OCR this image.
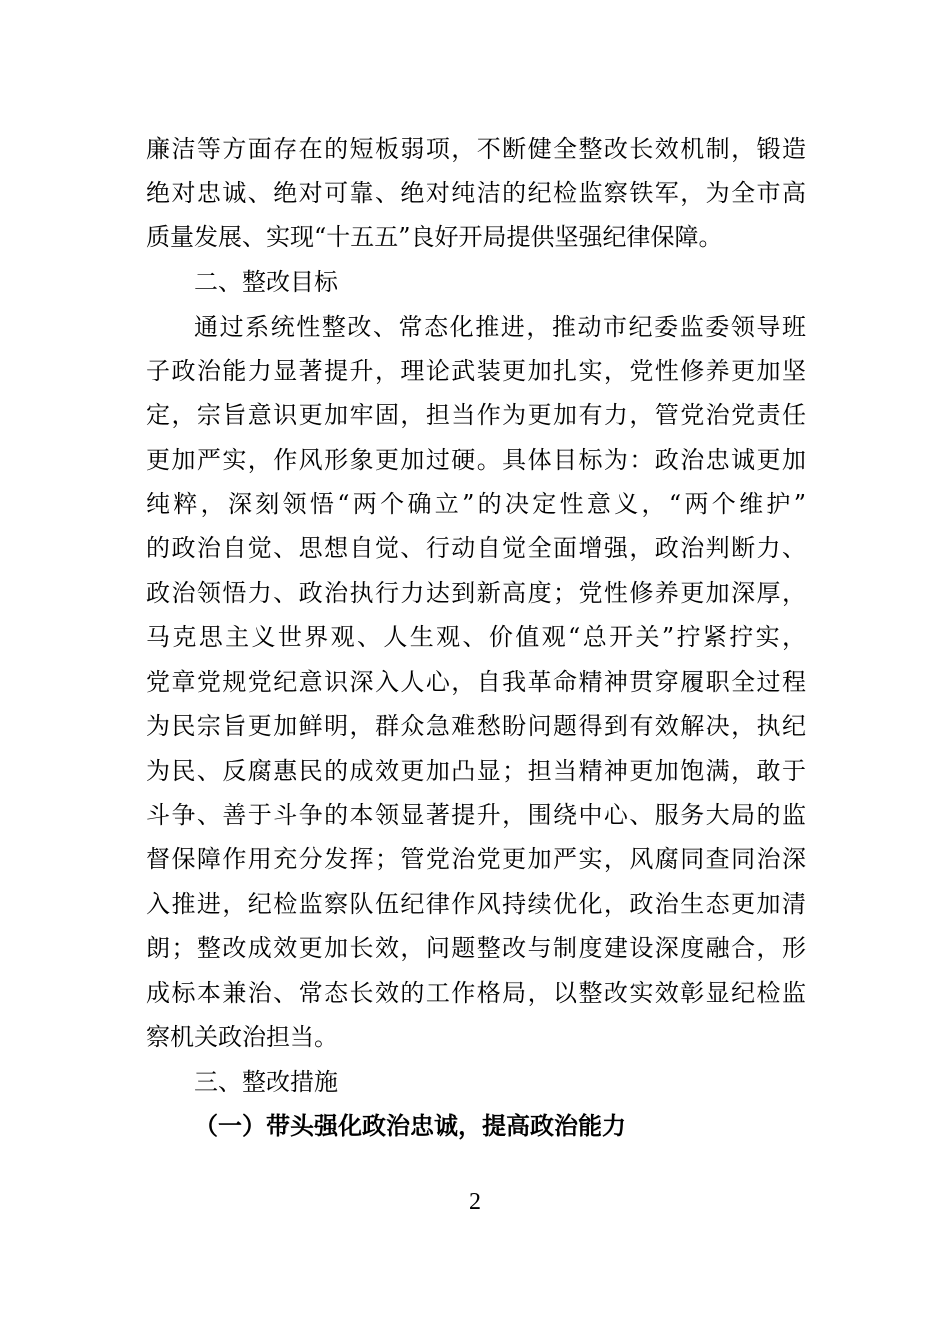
廉洁等方面存在的短板弱项，不断健全整改长效机制，锻造
绝对忠诚、绝对可靠、绝对纯洁的纪检监察铁军，为全市高
质量发展、实现“十五五”良好开局提供坚强纪律保障。
二、整改目标
通过系统性整改、常态化推进，推动市纪委监委领导班
子政治能力显著提升，理论武装更加扎实，党性修养更加坚
定，宗旨意识更加牢固，担当作为更加有力，管党治党责任
更加严实，作风形象更加过硬。具体目标为：政治忠诚更加
纯粹，深刻领悟“两个确立”的决定性意义，“两个维护”
的政治自觉、思想自觉、行动自觉全面增强，政治判断力、
政治领悟力、政治执行力达到新高度；党性修养更加深厚，
马克思主义世界观、人生观、价值观“总开关”拧紧拧实，
党章党规党纪意识深入人心，自我革命精神贯穿履职全过程
为民宗旨更加鲜明，群众急难愁盼问题得到有效解决，执纪
为民、反腐惠民的成效更加凸显；担当精神更加饱满，敢于
斗争、善于斗争的本领显著提升，围绕中心、服务大局的监
督保障作用充分发挥；管党治党更加严实，风腐同查同治深
入推进，纪检监察队伍纪律作风持续优化，政治生态更加清
朗；整改成效更加长效，问题整改与制度建设深度融合，形
成标本兼治、常态长效的工作格局，以整改实效彰显纪检监
察机关政治担当。
三、整改措施
（一）带头强化政治忠诚，提高政治能力
2
